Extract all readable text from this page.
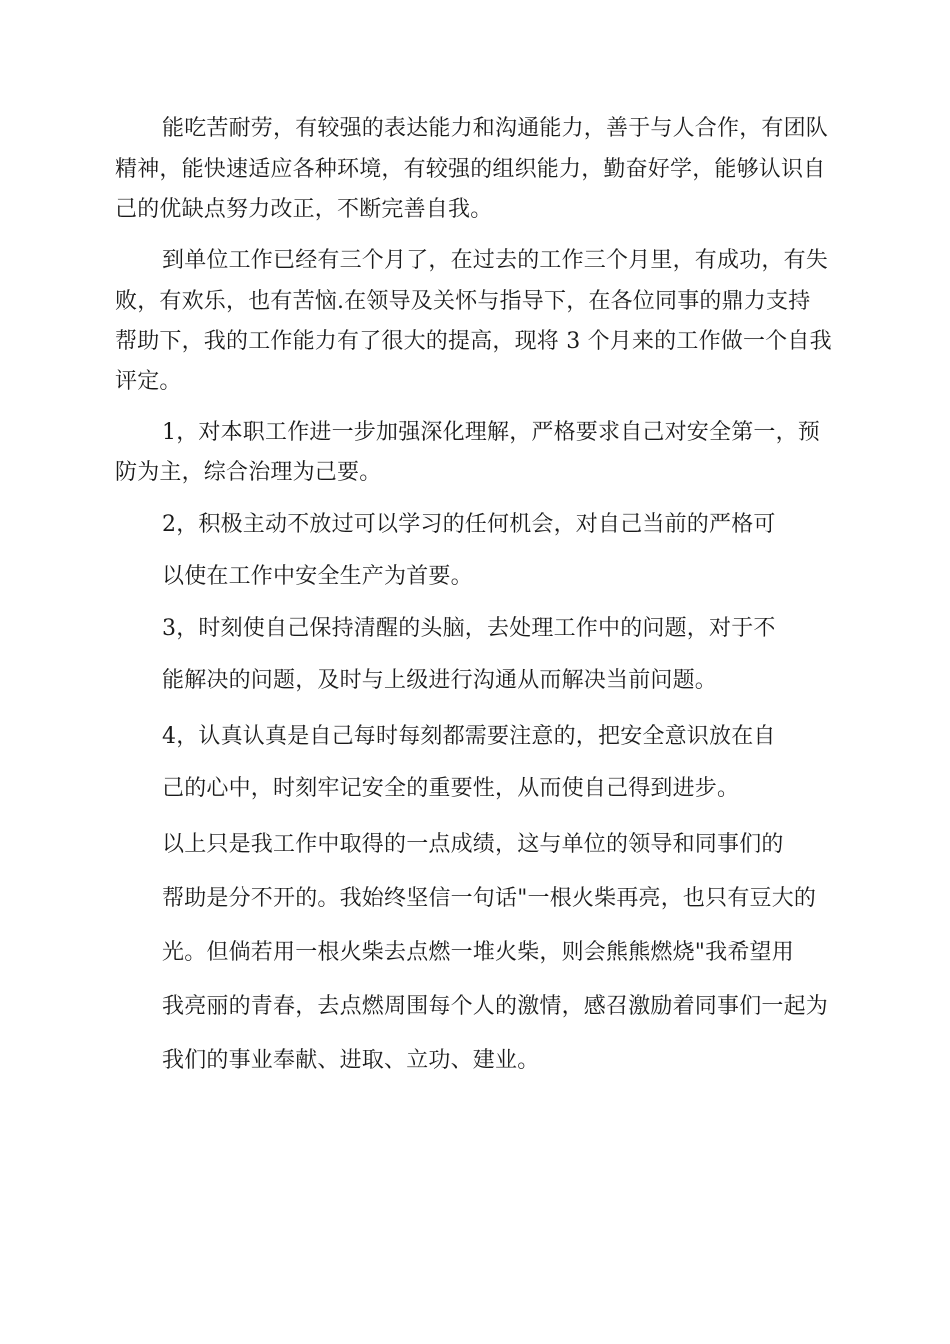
能吃苦耐劳，有较强的表达能力和沟通能力，善于与人合作，有团队
精神，能快速适应各种环境，有较强的组织能力，勤奋好学，能够认识自
己的优缺点努力改正，不断完善自我。
到单位工作已经有三个月了，在过去的工作三个月里，有成功，有失
败，有欢乐，也有苦恼.在领导及关怀与指导下，在各位同事的鼎力支持
帮助下，我的工作能力有了很大的提高，现将 3 个月来的工作做一个自我
评定。
1，对本职工作进一步加强深化理解，严格要求自己对安全第一，预
防为主，综合治理为己要。
2，积极主动不放过可以学习的任何机会，对自己当前的严格可
以使在工作中安全生产为首要。
3，时刻使自己保持清醒的头脑，去处理工作中的问题，对于不
能解决的问题，及时与上级进行沟通从而解决当前问题。
4，认真认真是自己每时每刻都需要注意的，把安全意识放在自
己的心中，时刻牢记安全的重要性，从而使自己得到进步。
以上只是我工作中取得的一点成绩，这与单位的领导和同事们的
帮助是分不开的。我始终坚信一句话"一根火柴再亮，也只有豆大的
光。但倘若用一根火柴去点燃一堆火柴，则会熊熊燃烧"我希望用
我亮丽的青春，去点燃周围每个人的激情，感召激励着同事们一起为
我们的事业奉献、进取、立功、建业。
